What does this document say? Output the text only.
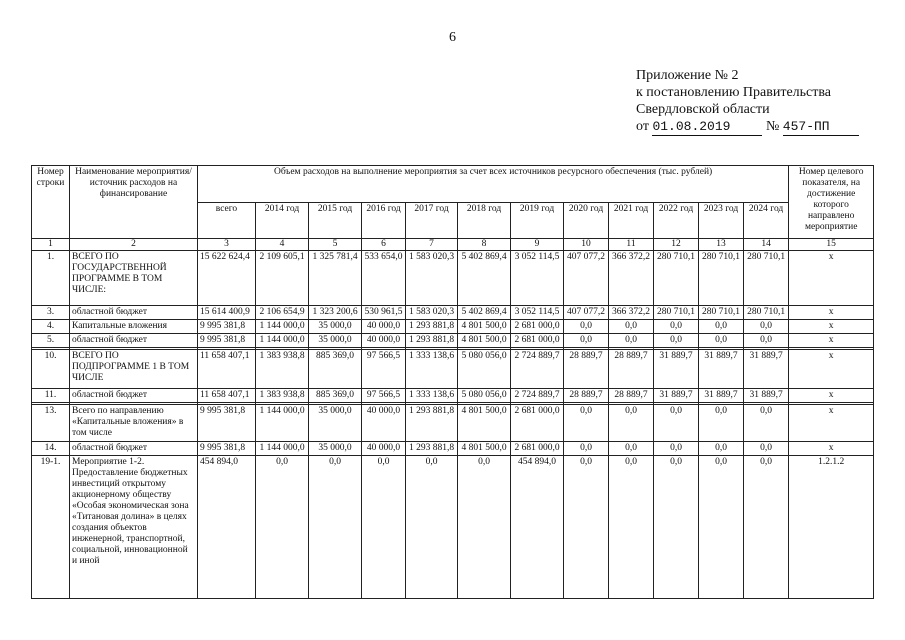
6
Приложение № 2
к постановлению Правительства
Свердловской области
от 01.08.2019	№ 457-ПП
Номер строки	Наименование мероприятия/источник расходов на финансирование	Объем расходов на выполнение мероприятия за счет всех источников ресурсного обеспечения (тыс. рублей)												Номер целевого показателя, на достижение которого направлено мероприятие
		всего	2014 год	2015 год	2016 год	2017 год	2018 год	2019 год	2020 год	2021 год	2022 год	2023 год	2024 год	
1	2	3	4	5	6	7	8	9	10	11	12	13	14	15
1.	ВСЕГО ПО ГОСУДАРСТВЕННОЙ ПРОГРАММЕ В ТОМ ЧИСЛЕ:	15 622 624,4	2 109 605,1	1 325 781,4	533 654,0	1 583 020,3	5 402 869,4	3 052 114,5	407 077,2	366 372,2	280 710,1	280 710,1	280 710,1	x
3.	областной бюджет	15 614 400,9	2 106 654,9	1 323 200,6	530 961,5	1 583 020,3	5 402 869,4	3 052 114,5	407 077,2	366 372,2	280 710,1	280 710,1	280 710,1	x
4.	Капитальные вложения	9 995 381,8	1 144 000,0	35 000,0	40 000,0	1 293 881,8	4 801 500,0	2 681 000,0	0,0	0,0	0,0	0,0	0,0	x
5.	областной бюджет	9 995 381,8	1 144 000,0	35 000,0	40 000,0	1 293 881,8	4 801 500,0	2 681 000,0	0,0	0,0	0,0	0,0	0,0	x

10.	ВСЕГО ПО ПОДПРОГРАММЕ 1 В ТОМ ЧИСЛЕ	11 658 407,1	1 383 938,8	885 369,0	97 566,5	1 333 138,6	5 080 056,0	2 724 889,7	28 889,7	28 889,7	31 889,7	31 889,7	31 889,7	x
11.	областной бюджет	11 658 407,1	1 383 938,8	885 369,0	97 566,5	1 333 138,6	5 080 056,0	2 724 889,7	28 889,7	28 889,7	31 889,7	31 889,7	31 889,7	x

13.	Всего по направлению «Капитальные вложения» в том числе	9 995 381,8	1 144 000,0	35 000,0	40 000,0	1 293 881,8	4 801 500,0	2 681 000,0	0,0	0,0	0,0	0,0	0,0	x
14.	областной бюджет	9 995 381,8	1 144 000,0	35 000,0	40 000,0	1 293 881,8	4 801 500,0	2 681 000,0	0,0	0,0	0,0	0,0	0,0	x
19-1.	Мероприятие 1-2. Предоставление бюджетных инвестиций открытому акционерному обществу «Особая экономическая зона «Титановая долина» в целях создания объектов инженерной, транспортной, социальной, инновационной и иной	454 894,0	0,0	0,0	0,0	0,0	0,0	454 894,0	0,0	0,0	0,0	0,0	0,0	1.2.1.2
